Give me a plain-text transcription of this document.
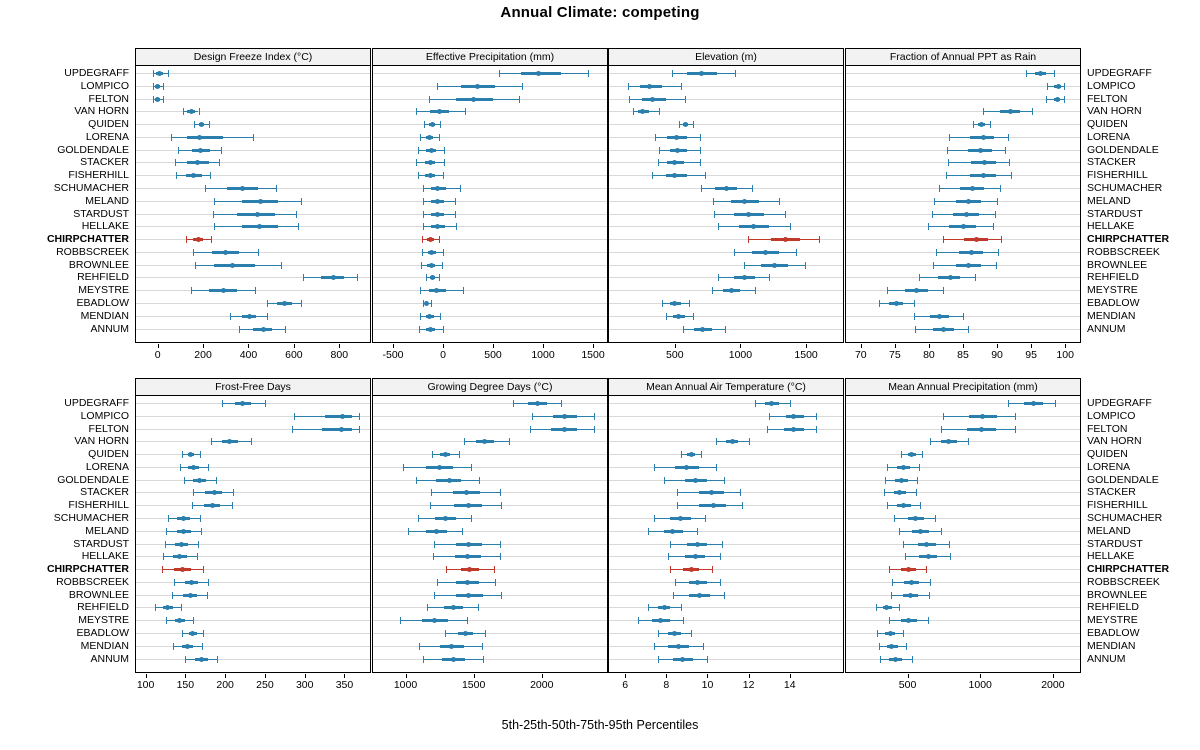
Annual Climate: competing
5th-25th-50th-75th-95th Percentiles
Design Freeze Index (°C)
0	200	400	600	800
Effective Precipitation (mm)
-500	0	500	1000	1500
Elevation (m)
500	1000	1500
Fraction of Annual PPT as Rain
70 75 80 85 90 95 100
Frost-Free Days
100 150 200 250 300 350
Growing Degree Days (°C)
1000	1500	2000
Mean Annual Air Temperature (°C)
6	8	10	12	14
Mean Annual Precipitation (mm)
500	1000	2000
UPDEGRAFF
LOMPICO
FELTON
VAN HORN
QUIDEN
LORENA
GOLDENDALE
STACKER
FISHERHILL
SCHUMACHER
MELAND
STARDUST
HELLAKE
CHIRPCHATTER
ROBBSCREEK
BROWNLEE
REHFIELD
MEYSTRE
EBADLOW
MENDIAN
ANNUM
UPDEGRAFF
LOMPICO
FELTON
VAN HORN
QUIDEN
LORENA
GOLDENDALE
STACKER
FISHERHILL
SCHUMACHER
MELAND
STARDUST
HELLAKE
CHIRPCHATTER
ROBBSCREEK
BROWNLEE
REHFIELD
MEYSTRE
EBADLOW
MENDIAN
ANNUM
UPDEGRAFF
LOMPICO
FELTON
VAN HORN
QUIDEN
LORENA
GOLDENDALE
STACKER
FISHERHILL
SCHUMACHER
MELAND
STARDUST
HELLAKE
CHIRPCHATTER
ROBBSCREEK
BROWNLEE
REHFIELD
MEYSTRE
EBADLOW
MENDIAN
ANNUM
UPDEGRAFF
LOMPICO
FELTON
VAN HORN
QUIDEN
LORENA
GOLDENDALE
STACKER
FISHERHILL
SCHUMACHER
MELAND
STARDUST
HELLAKE
CHIRPCHATTER
ROBBSCREEK
BROWNLEE
REHFIELD
MEYSTRE
EBADLOW
MENDIAN
ANNUM
